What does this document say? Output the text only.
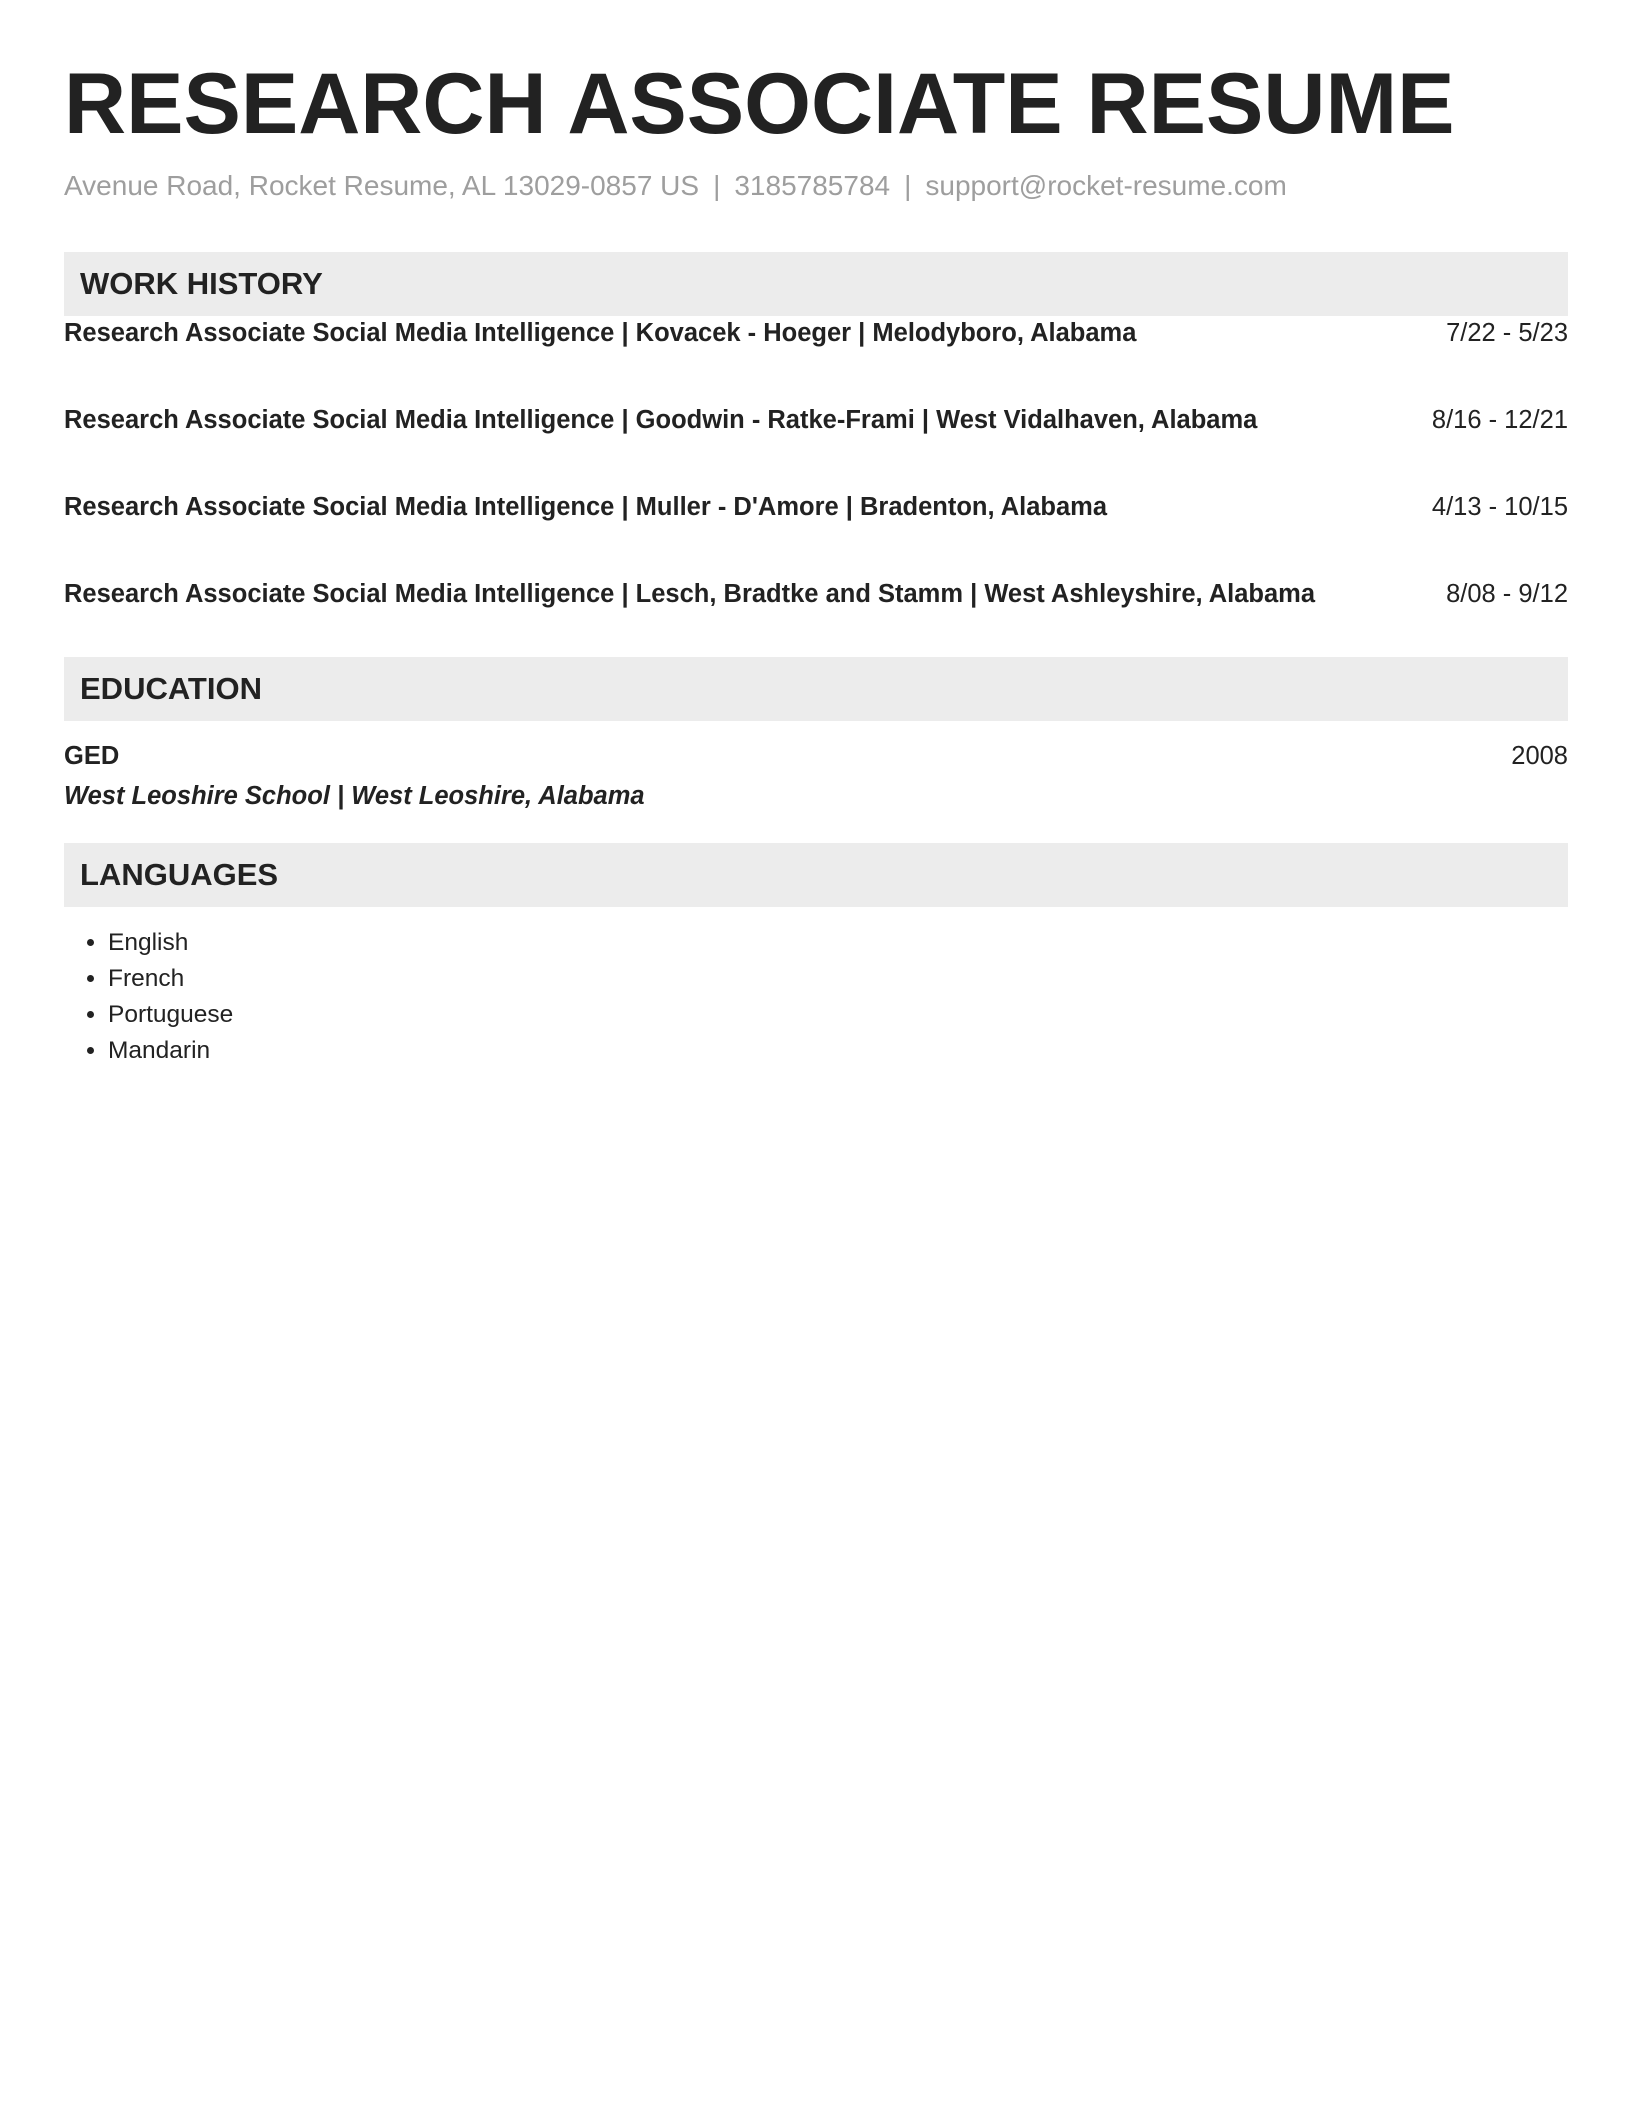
RESEARCH ASSOCIATE RESUME
Avenue Road, Rocket Resume, AL 13029-0857 US | 3185785784 | support@rocket-resume.com
WORK HISTORY
Research Associate Social Media Intelligence | Kovacek - Hoeger | Melodyboro, Alabama	7/22 - 5/23
Research Associate Social Media Intelligence | Goodwin - Ratke-Frami | West Vidalhaven, Alabama	8/16 - 12/21
Research Associate Social Media Intelligence | Muller - D'Amore | Bradenton, Alabama	4/13 - 10/15
Research Associate Social Media Intelligence | Lesch, Bradtke and Stamm | West Ashleyshire, Alabama	8/08 - 9/12
EDUCATION
GED	2008
West Leoshire School | West Leoshire, Alabama
LANGUAGES
• English
• French
• Portuguese
• Mandarin
